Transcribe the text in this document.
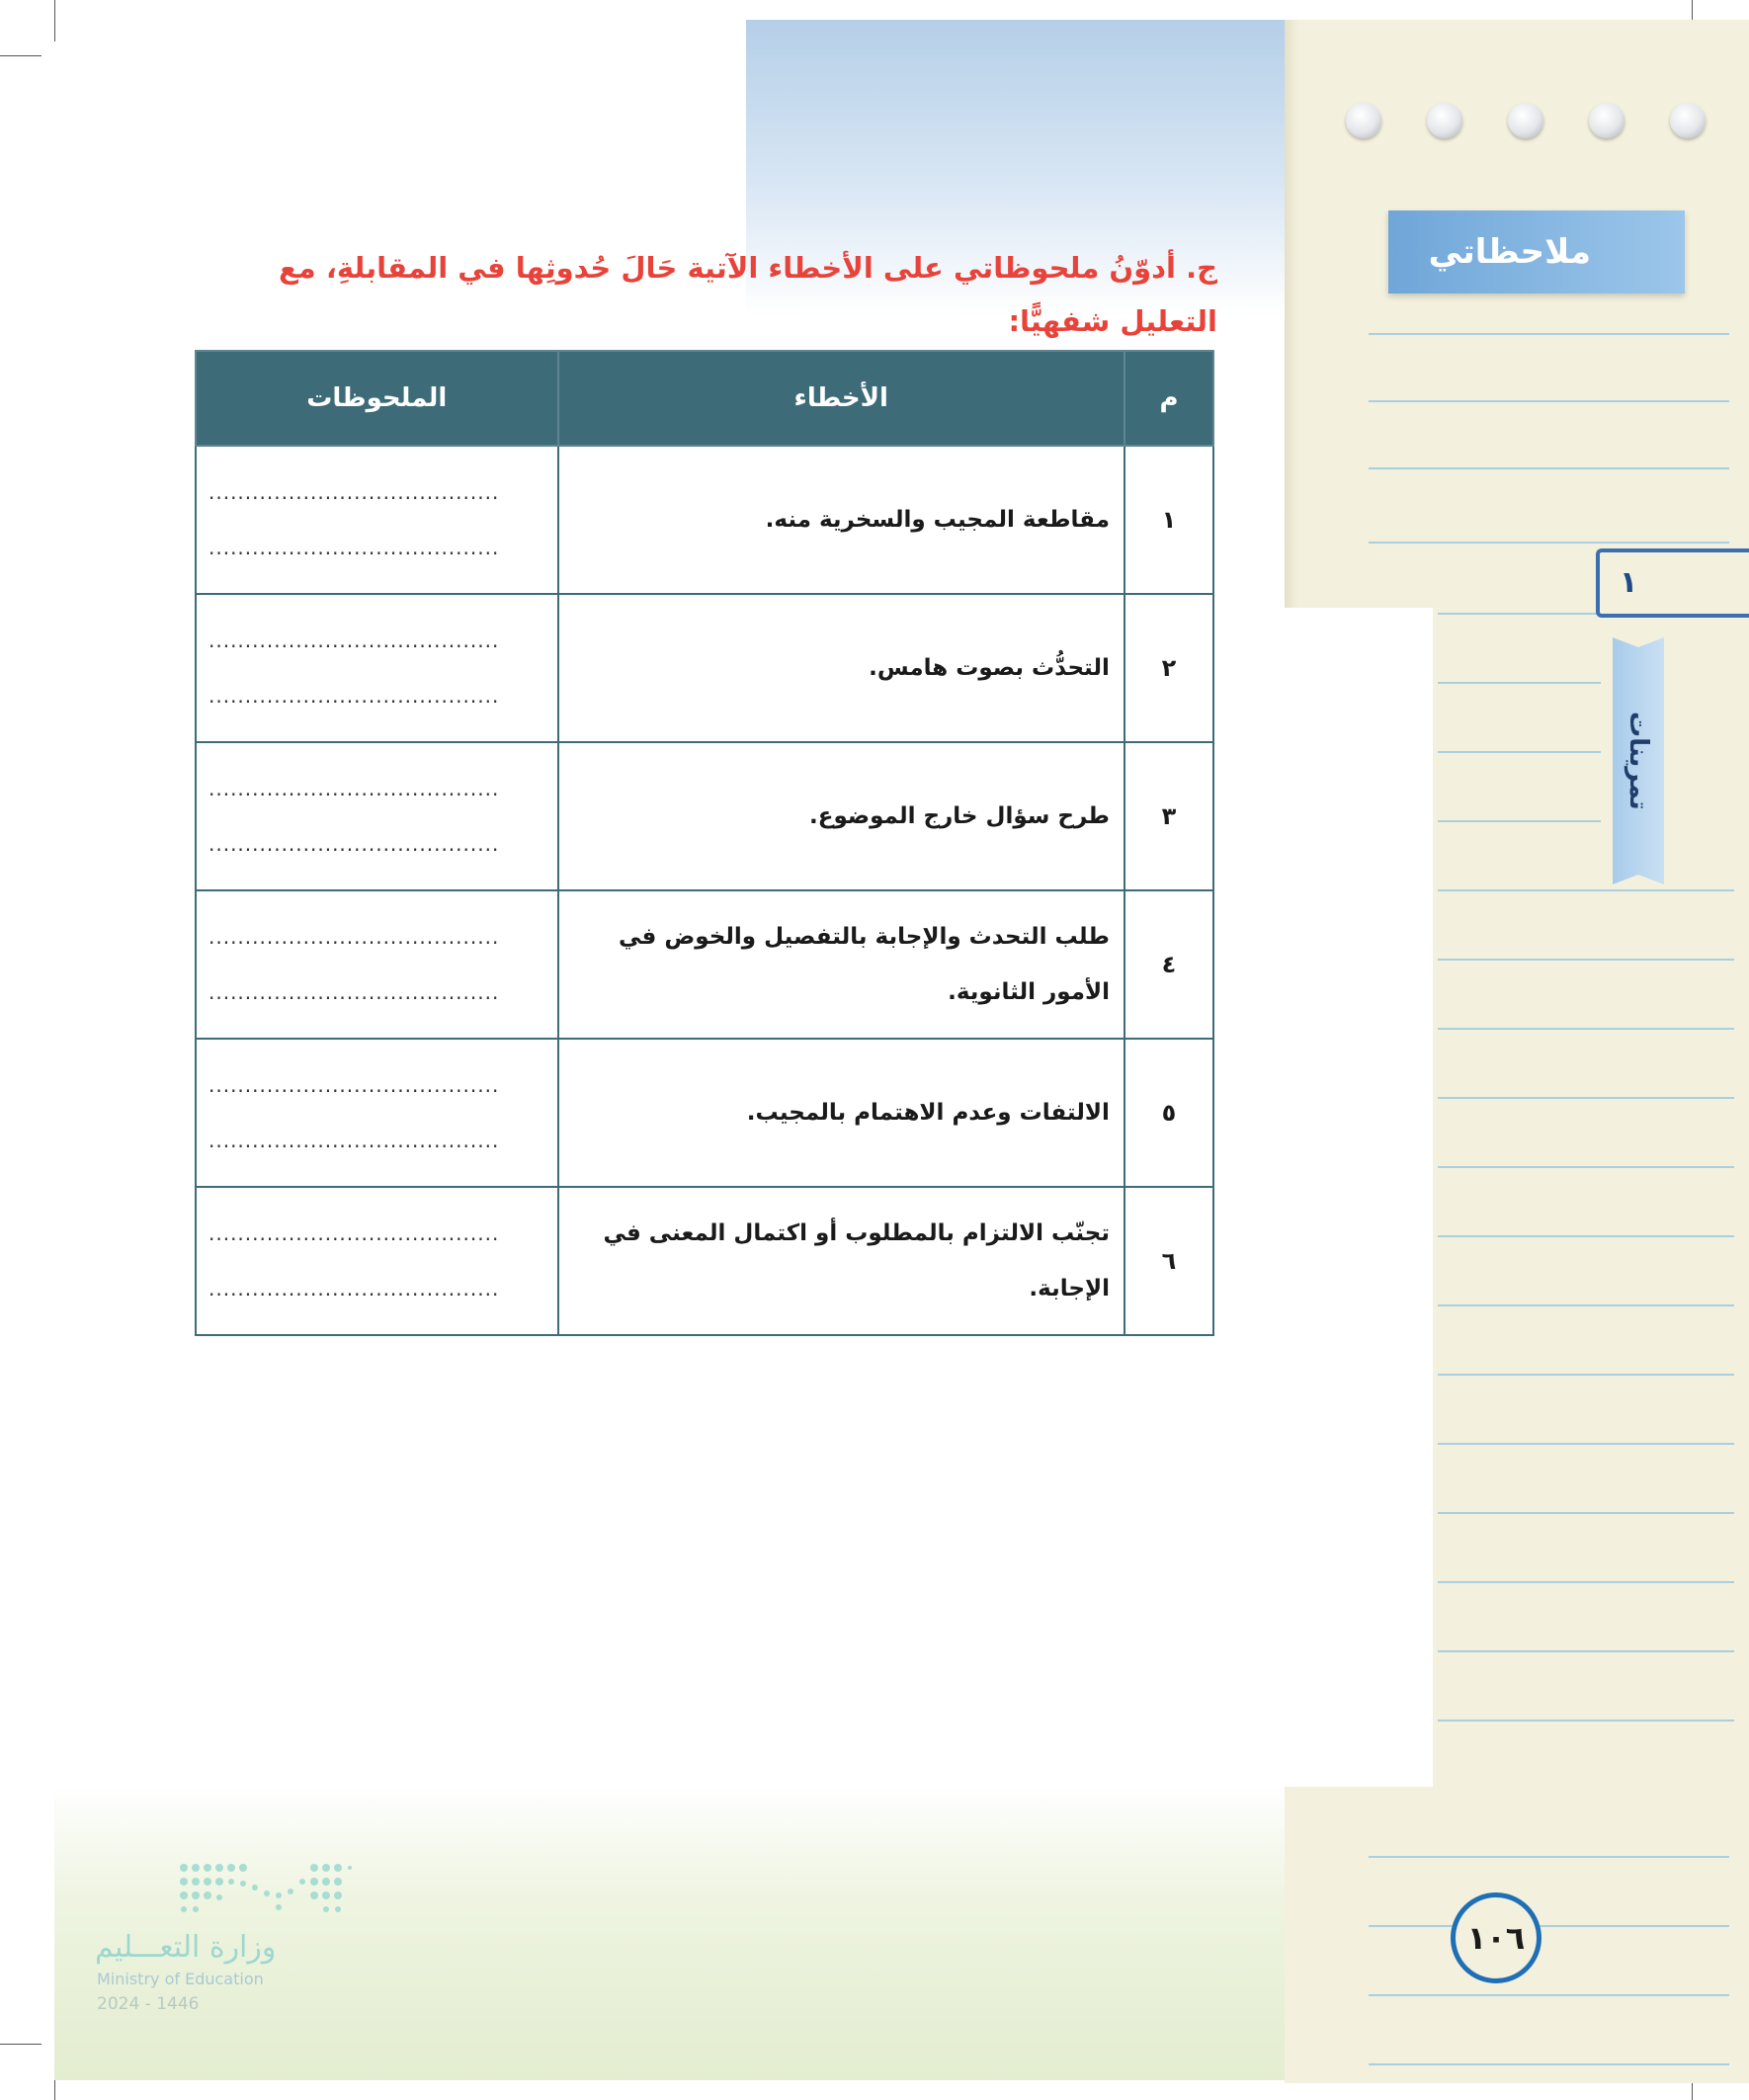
ملاحظاتي
١
تمرينات
ج. أدوّنُ ملحوظاتي على الأخطاء الآتية حَالَ حُدوثِها في المقابلةِ، مع التعليل شفهيًّا:
م	الأخطاء	الملحوظات
١	مقاطعة المجيب والسخرية منه.	........................................
........................................

٢	التحدُّث بصوت هامس.	........................................
........................................

٣	طرح سؤال خارج الموضوع.	........................................
........................................

٤	طلب التحدث والإجابة بالتفصيل والخوض في الأمور الثانوية.	........................................
........................................

٥	الالتفات وعدم الاهتمام بالمجيب.	........................................
........................................

٦	تجنّب الالتزام بالمطلوب أو اكتمال المعنى في الإجابة.	........................................
........................................
١٠٦
وزارة التعـــليم
Ministry of Education
2024 - 1446
